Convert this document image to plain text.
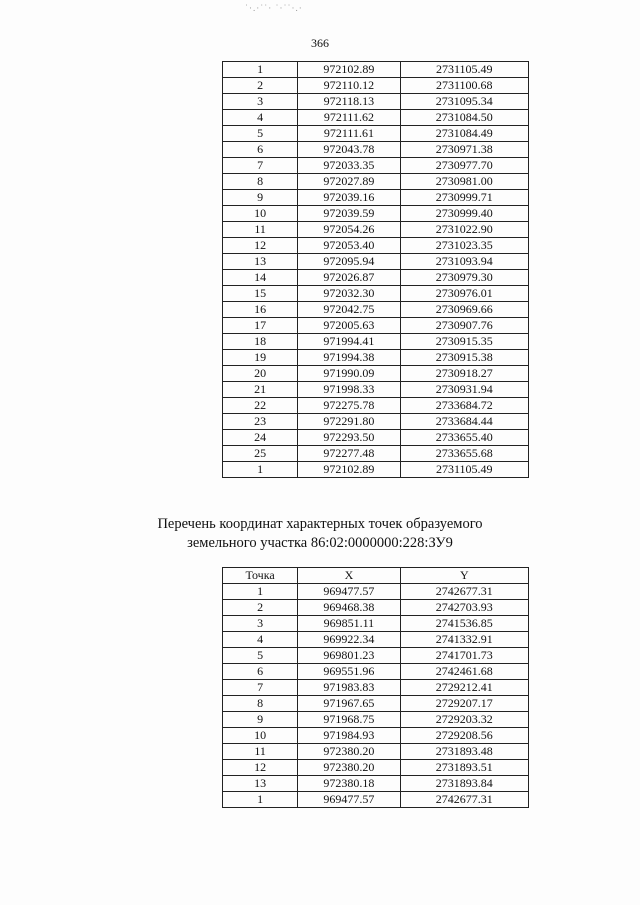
˙·.·˙˙· ˙·˙˙·.·
366
1	972102.89	2731105.49
2	972110.12	2731100.68
3	972118.13	2731095.34
4	972111.62	2731084.50
5	972111.61	2731084.49
6	972043.78	2730971.38
7	972033.35	2730977.70
8	972027.89	2730981.00
9	972039.16	2730999.71
10	972039.59	2730999.40
11	972054.26	2731022.90
12	972053.40	2731023.35
13	972095.94	2731093.94
14	972026.87	2730979.30
15	972032.30	2730976.01
16	972042.75	2730969.66
17	972005.63	2730907.76
18	971994.41	2730915.35
19	971994.38	2730915.38
20	971990.09	2730918.27
21	971998.33	2730931.94
22	972275.78	2733684.72
23	972291.80	2733684.44
24	972293.50	2733655.40
25	972277.48	2733655.68
1	972102.89	2731105.49
Перечень координат характерных точек образуемого
земельного участка 86:02:0000000:228:ЗУ9
Точка	X	Y
1	969477.57	2742677.31
2	969468.38	2742703.93
3	969851.11	2741536.85
4	969922.34	2741332.91
5	969801.23	2741701.73
6	969551.96	2742461.68
7	971983.83	2729212.41
8	971967.65	2729207.17
9	971968.75	2729203.32
10	971984.93	2729208.56
11	972380.20	2731893.48
12	972380.20	2731893.51
13	972380.18	2731893.84
1	969477.57	2742677.31
